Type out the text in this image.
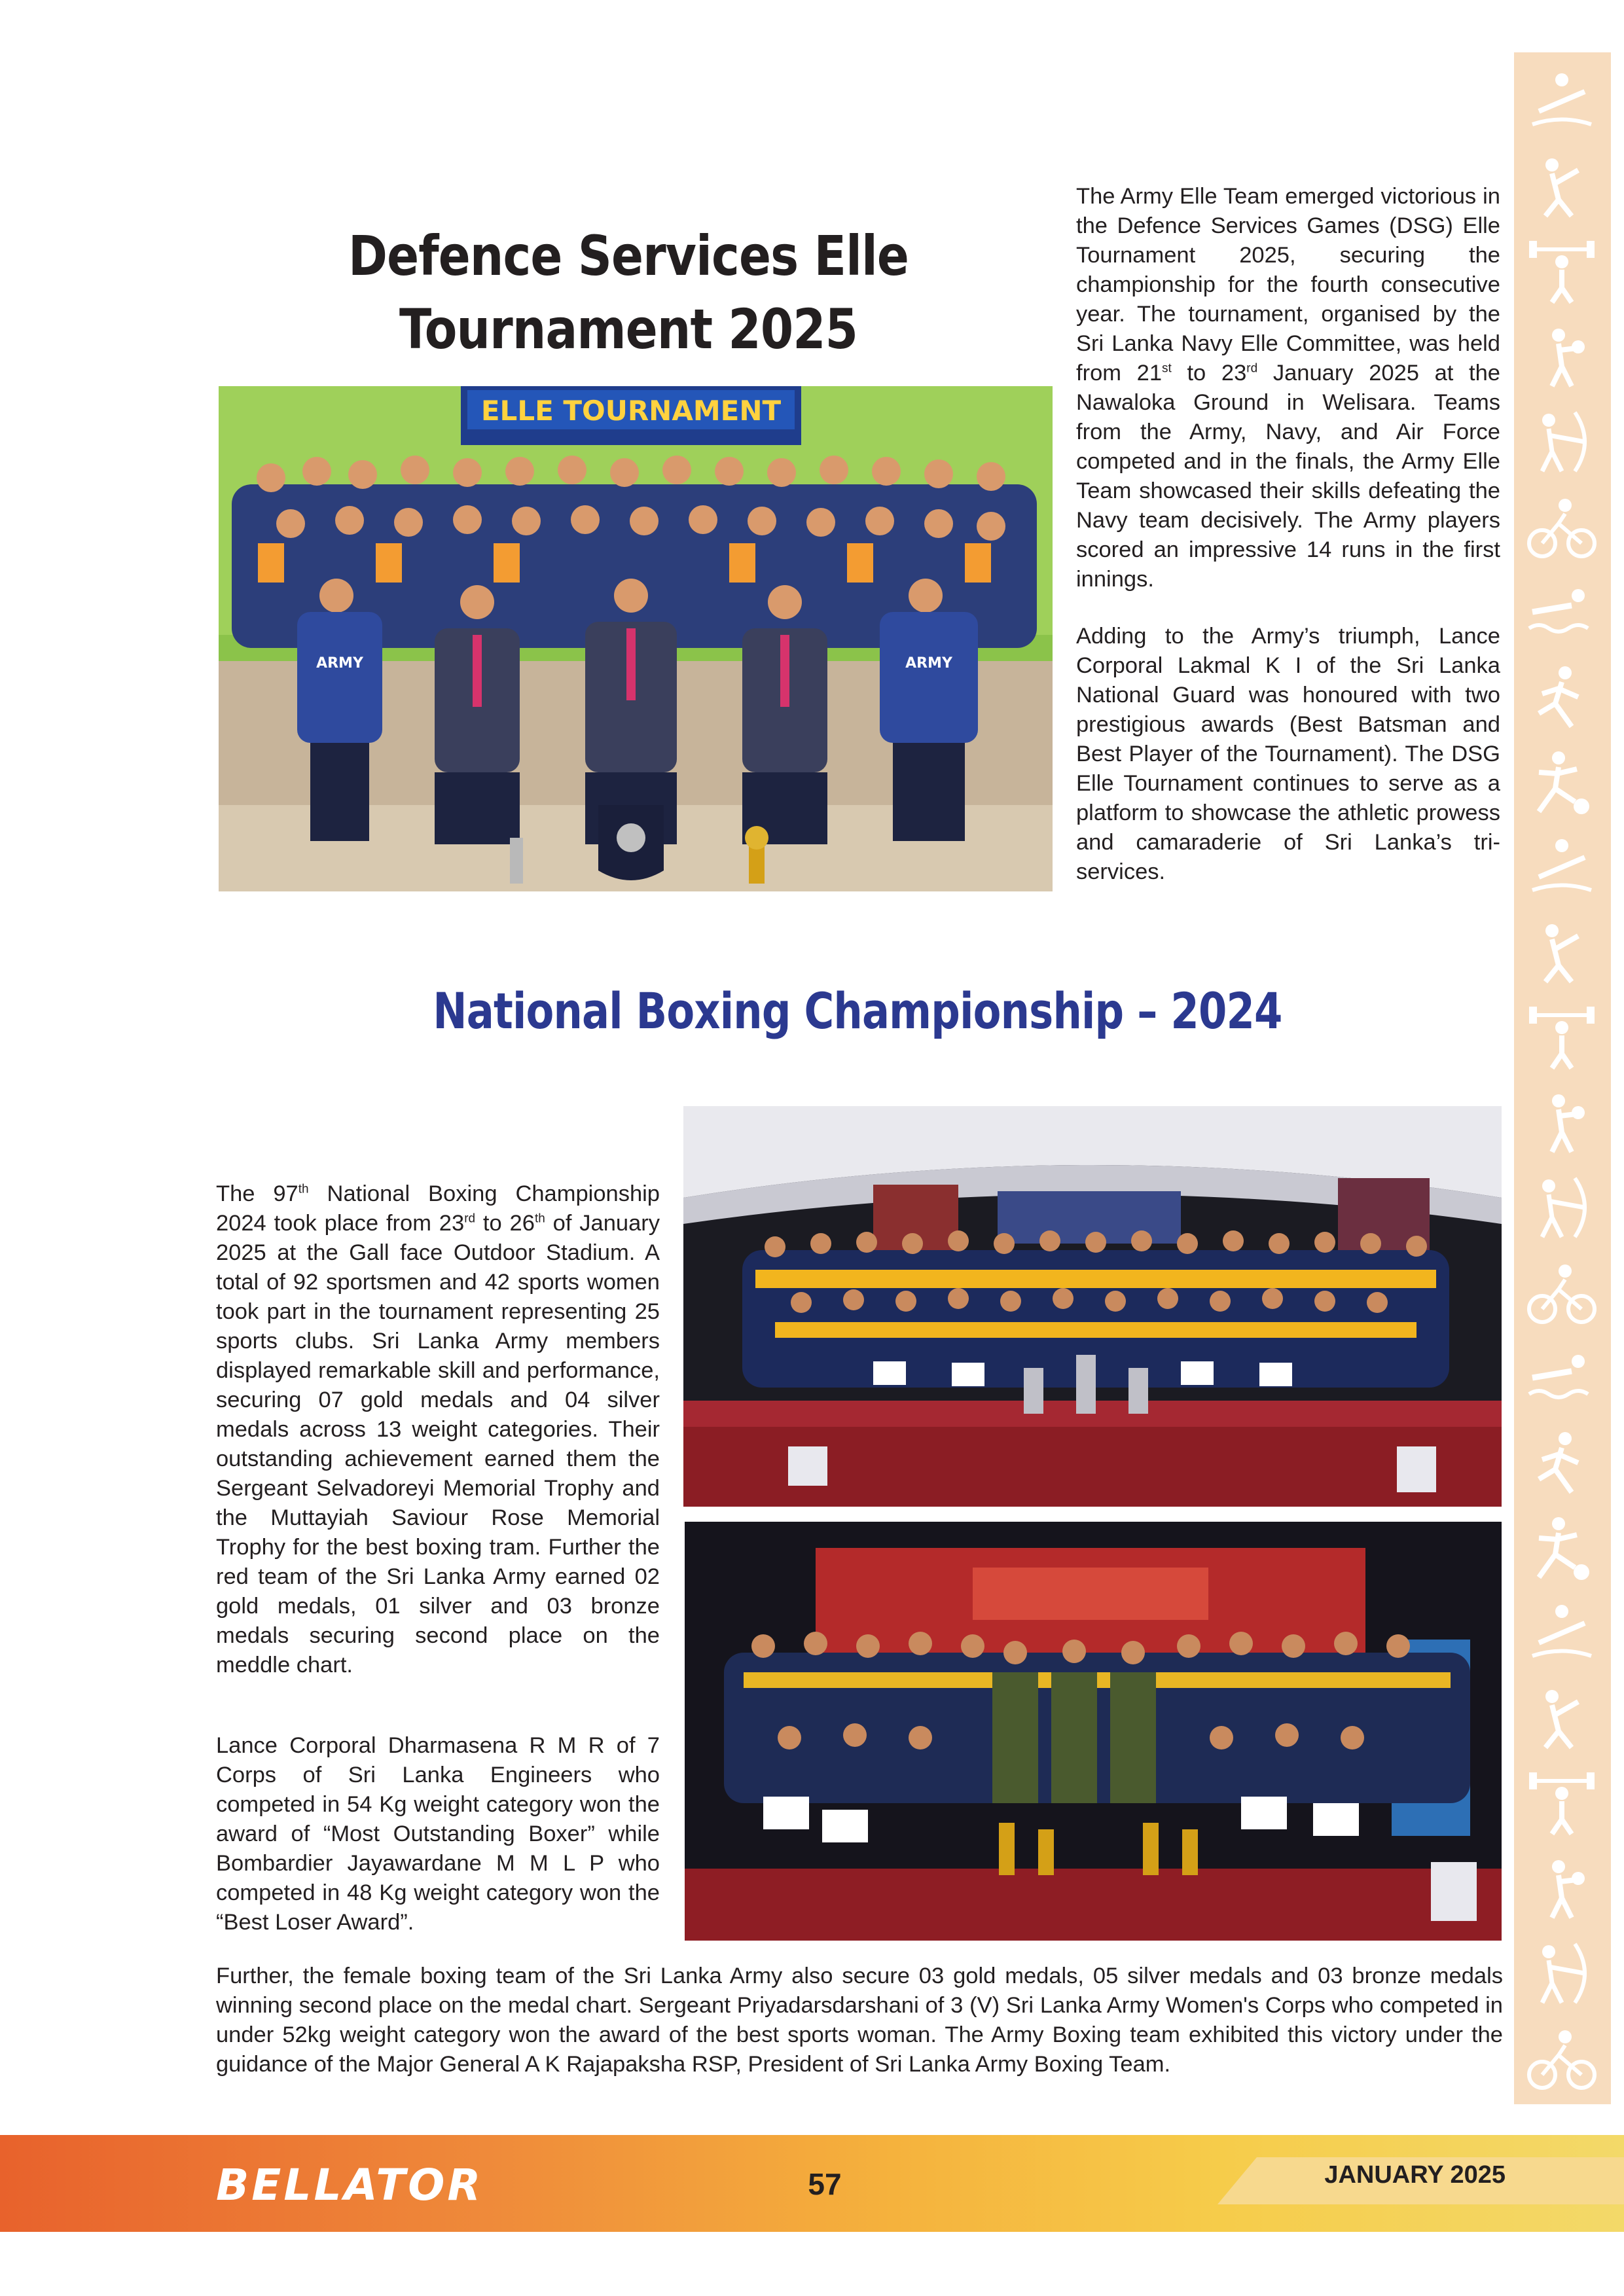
Defence Services Elle
Tournament 2025
ELLE TOURNAMENT
ARMY	ARMY
The Army Elle Team emerged victorious in the Defence Services Games (DSG) Elle Tournament 2025, securing the championship for the fourth consecutive year. The tournament, organised by the Sri Lanka Navy Elle Committee, was held from 21st to 23rd January 2025 at the Nawaloka Ground in Welisara. Teams from the Army, Navy, and Air Force competed and in the finals, the Army Elle Team showcased their skills defeating the Navy team decisively. The Army players scored an impressive 14 runs in the first innings.
Adding to the Army’s triumph, Lance Corporal Lakmal K I of the Sri Lanka National Guard was honoured with two prestigious awards (Best Batsman and Best Player of the Tournament). The DSG Elle Tournament continues to serve as a platform to showcase the athletic prowess and camaraderie of Sri Lanka’s tri-services.
National Boxing Championship – 2024
The 97th National Boxing Championship 2024 took place from 23rd to 26th of January 2025 at the Gall face Outdoor Stadium. A total of 92 sportsmen and 42 sports women took part in the tournament representing 25 sports clubs. Sri Lanka Army members displayed remarkable skill and performance, securing 07 gold medals and 04 silver medals across 13 weight categories. Their outstanding achievement earned them the Sergeant Selvadoreyi Memorial Trophy and the Muttayiah Saviour Rose Memorial Trophy for the best boxing tram. Further the red team of the Sri Lanka Army earned 02 gold medals, 01 silver and 03 bronze medals securing second place on the meddle chart.
Lance Corporal Dharmasena R M R of 7 Corps of Sri Lanka Engineers who competed in 54 Kg weight category won the award of “Most Outstanding Boxer” while Bombardier Jayawardane M M L P who competed in 48 Kg weight category won the “Best Loser Award”.
Further, the female boxing team of the Sri Lanka Army also secure 03 gold medals, 05 silver medals and 03 bronze medals winning second place on the medal chart. Sergeant Priyadarsdarshani of 3 (V) Sri Lanka Army Women's Corps who competed in under 52kg weight category won the award of the best sports woman. The Army Boxing team exhibited this victory under the guidance of the Major General A K Rajapaksha RSP, President of Sri Lanka Army Boxing Team.
BELLATOR	57	JANUARY 2025
